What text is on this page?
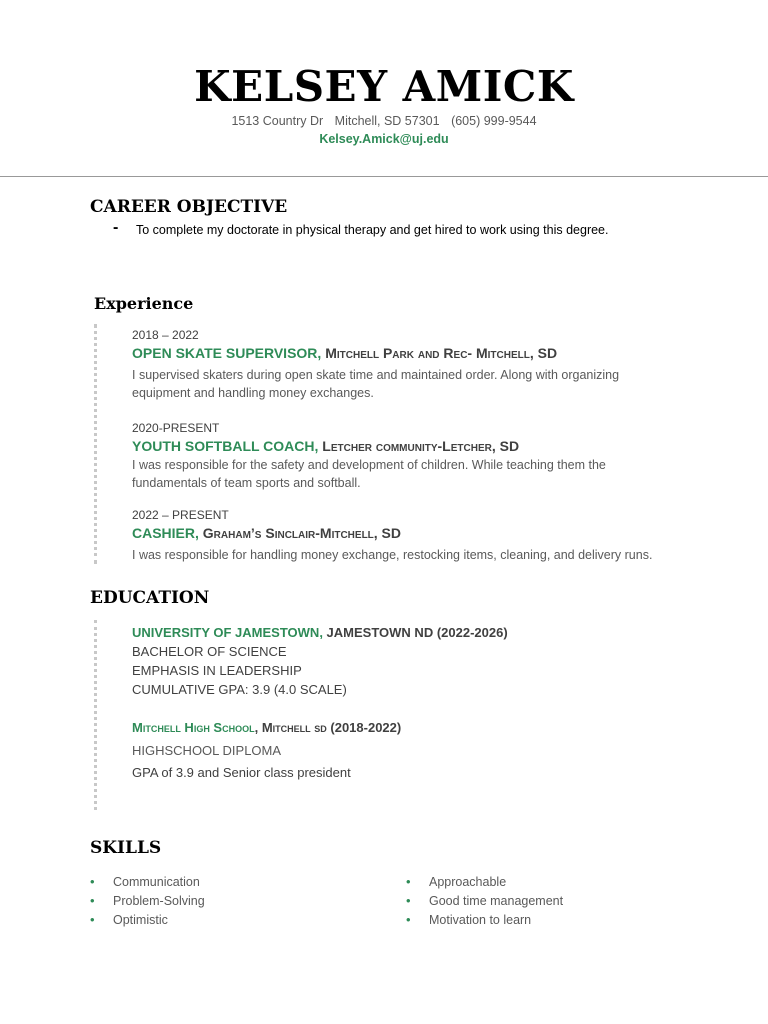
KELSEY AMICK
1513 Country Dr Mitchell, SD 57301 (605) 999-9544
Kelsey.Amick@uj.edu
CAREER OBJECTIVE
- To complete my doctorate in physical therapy and get hired to work using this degree.
Experience
2018 – 2022
OPEN SKATE SUPERVISOR, Mitchell Park and Rec- Mitchell, SD
I supervised skaters during open skate time and maintained order. Along with organizing equipment and handling money exchanges.
2020-PRESENT
YOUTH SOFTBALL COACH, Letcher community-Letcher, SD
I was responsible for the safety and development of children. While teaching them the fundamentals of team sports and softball.
2022 – PRESENT
CASHIER, Graham’s Sinclair-Mitchell, SD
I was responsible for handling money exchange, restocking items, cleaning, and delivery runs.
EDUCATION
UNIVERSITY OF JAMESTOWN, JAMESTOWN ND (2022-2026)
BACHELOR OF SCIENCE
EMPHASIS IN LEADERSHIP
CUMULATIVE GPA: 3.9 (4.0 SCALE)
Mitchell High School, Mitchell sd (2018-2022)
HIGHSCHOOL DIPLOMA
GPA of 3.9 and Senior class president
SKILLS
• Communication
• Problem-Solving
• Optimistic
• Approachable
• Good time management
• Motivation to learn
